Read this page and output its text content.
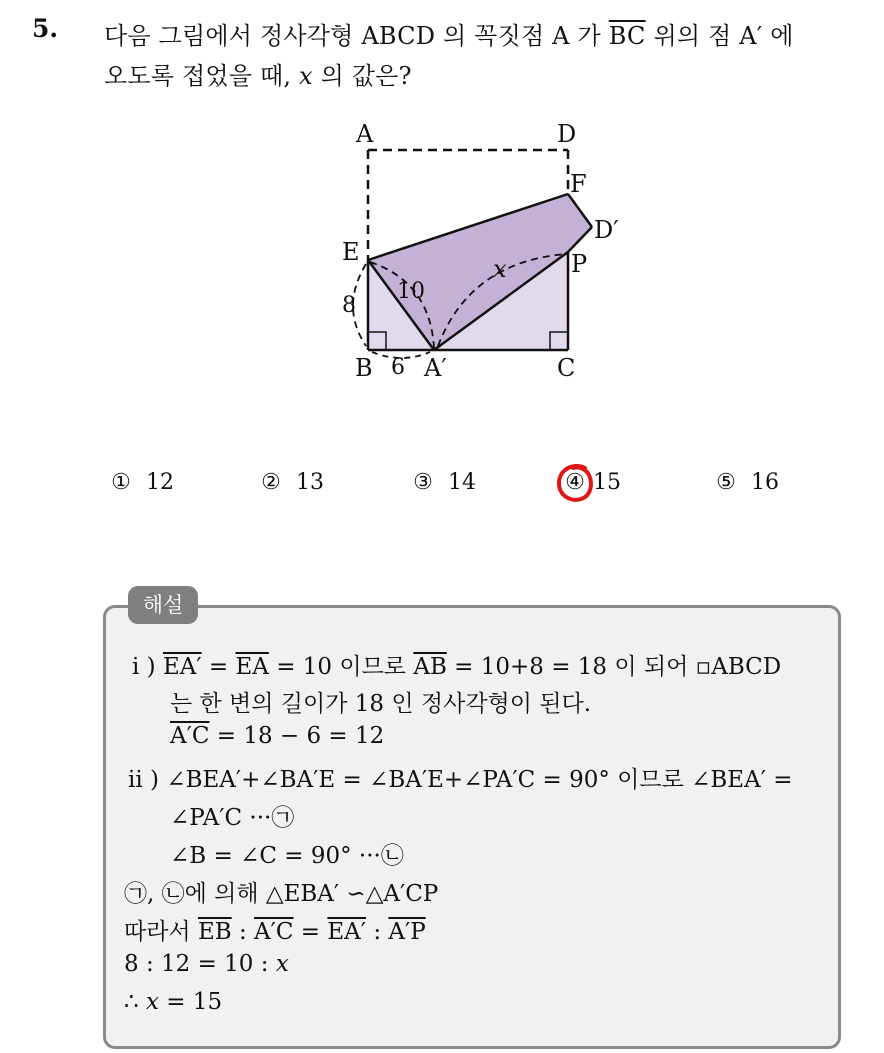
5. 다음 그림에서 정사각형 ABCD 의 꼭짓점 A 가 $\overline{BC}$ 위의 점 A′ 에
오도록 접었을 때, x 의 값은?
A	D
F
D′
E	P
B A′	C
10
8
6
x
① 12	② 13	③ 14	④ 15	⑤ 16
해설
i ) $EA' = \overline{EA} = 10$ 이므로 $\overline{AB} = 10+8 = 18$ 이 되어 ▫ABCD
는 한 변의 길이가 18 인 정사각형이 된다.
A′C = 18 − 6 = 12
ii ) ∠BEA′+∠BA′E = ∠BA′E+∠PA′C = 90° 이므로 ∠BEA′ =
∠PA′C ···㉠
∠B = ∠C = 90° ···㉡
㉠, ㉡에 의해 △EBA′ ∽△A′CP
따라서 $\overline{EB}$ : A′C = EA′ : A′P
8 : 12 = 10 : x
∴ x = 15
